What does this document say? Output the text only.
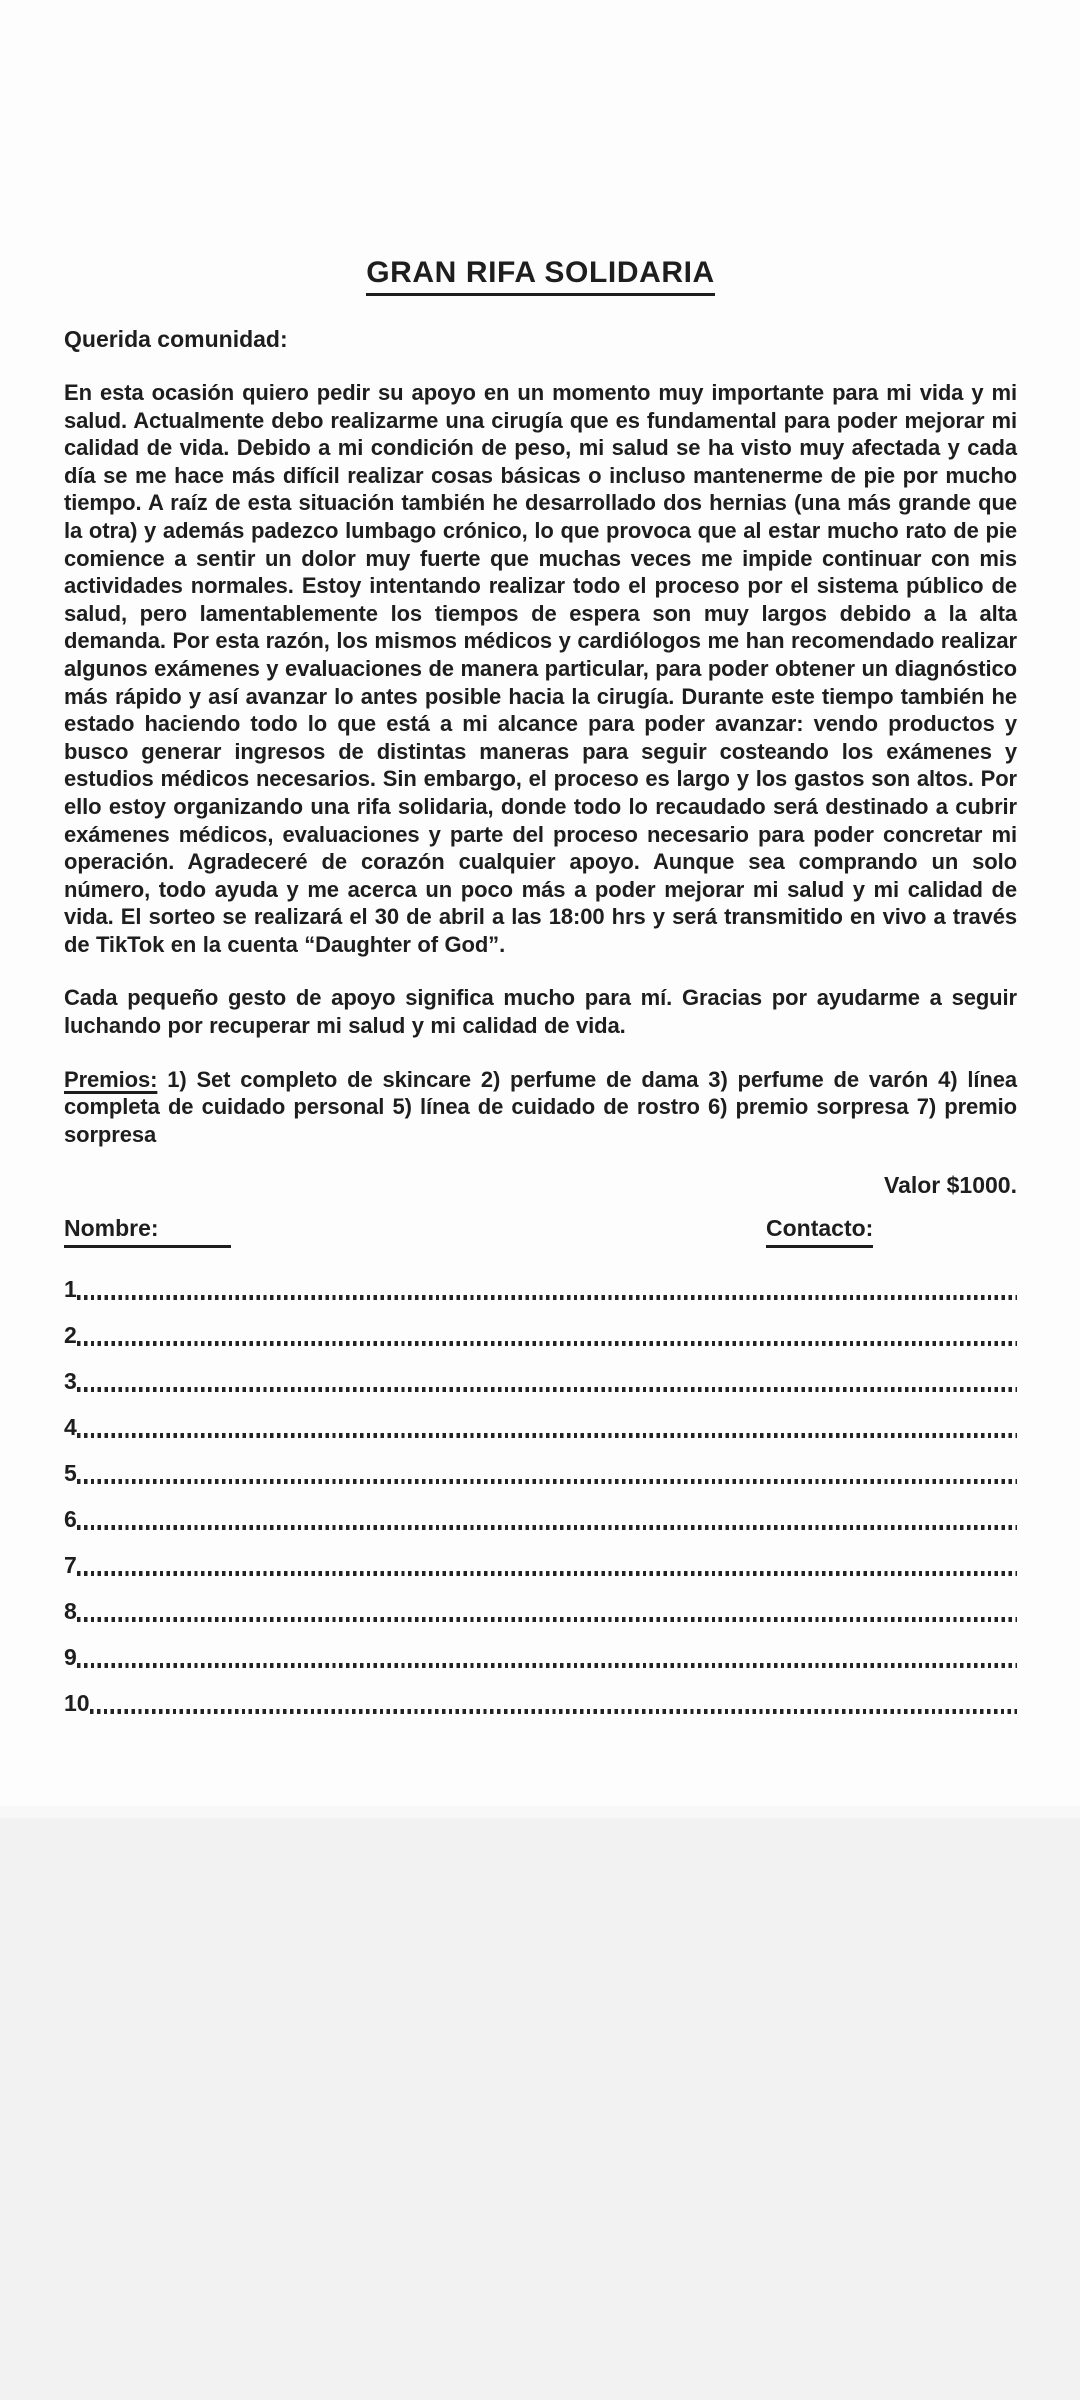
GRAN RIFA SOLIDARIA
Querida comunidad:
En esta ocasión quiero pedir su apoyo en un momento muy importante para mi vida y mi salud. Actualmente debo realizarme una cirugía que es fundamental para poder mejorar mi calidad de vida. Debido a mi condición de peso, mi salud se ha visto muy afectada y cada día se me hace más difícil realizar cosas básicas o incluso mantenerme de pie por mucho tiempo. A raíz de esta situación también he desarrollado dos hernias (una más grande que la otra) y además padezco lumbago crónico, lo que provoca que al estar mucho rato de pie comience a sentir un dolor muy fuerte que muchas veces me impide continuar con mis actividades normales. Estoy intentando realizar todo el proceso por el sistema público de salud, pero lamentablemente los tiempos de espera son muy largos debido a la alta demanda. Por esta razón, los mismos médicos y cardiólogos me han recomendado realizar algunos exámenes y evaluaciones de manera particular, para poder obtener un diagnóstico más rápido y así avanzar lo antes posible hacia la cirugía. Durante este tiempo también he estado haciendo todo lo que está a mi alcance para poder avanzar: vendo productos y busco generar ingresos de distintas maneras para seguir costeando los exámenes y estudios médicos necesarios. Sin embargo, el proceso es largo y los gastos son altos. Por ello estoy organizando una rifa solidaria, donde todo lo recaudado será destinado a cubrir exámenes médicos, evaluaciones y parte del proceso necesario para poder concretar mi operación. Agradeceré de corazón cualquier apoyo. Aunque sea comprando un solo número, todo ayuda y me acerca un poco más a poder mejorar mi salud y mi calidad de vida. El sorteo se realizará el 30 de abril a las 18:00 hrs y será transmitido en vivo a través de TikTok en la cuenta “Daughter of God”.
Cada pequeño gesto de apoyo significa mucho para mí. Gracias por ayudarme a seguir luchando por recuperar mi salud y mi calidad de vida.
Premios: 1) Set completo de skincare 2) perfume de dama 3) perfume de varón 4) línea completa de cuidado personal 5) línea de cuidado de rostro 6) premio sorpresa 7) premio sorpresa
Valor $1000.
Nombre:	Contacto:
1
2
3
4
5
6
7
8
9
10
